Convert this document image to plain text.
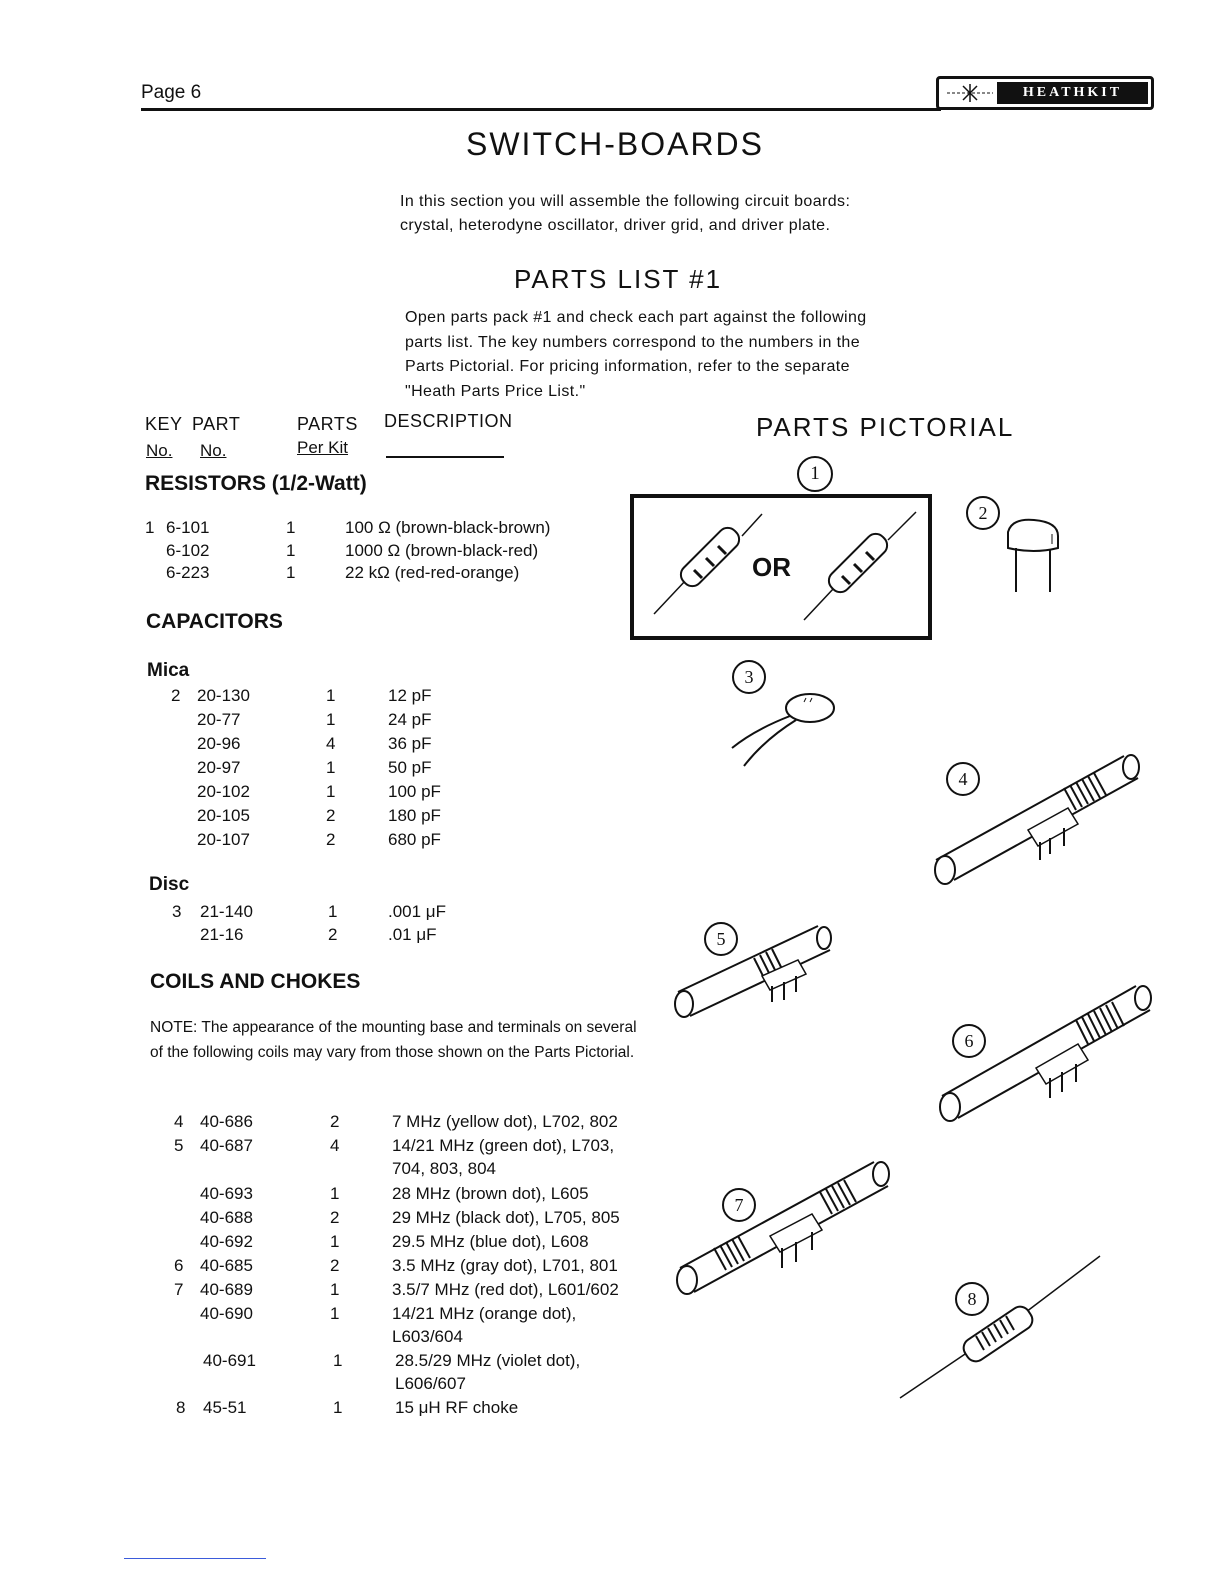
Page 6	HEATHKIT
SWITCH-BOARDS
In this section you will assemble the following circuit boards: crystal, heterodyne oscillator, driver grid, and driver plate.
PARTS LIST #1
Open parts pack #1 and check each part against the following parts list. The key numbers correspond to the numbers in the Parts Pictorial. For pricing information, refer to the separate "Heath Parts Price List."
KEY PART	PARTS DESCRIPTION
No. No.	Per Kit
PARTS PICTORIAL
RESISTORS (1/2-Watt)
1 6-101	1	100 Ω (brown-black-brown)
6-102	1	1000 Ω (brown-black-red)
6-223	1	22 kΩ (red-red-orange)
CAPACITORS
Mica
2 20-130	1	12 pF
20-77	1	24 pF
20-96	4	36 pF
20-97	1	50 pF
20-102	1	100 pF
20-105	2	180 pF
20-107	2	680 pF
Disc
3 21-140	1	.001 μF
21-16	2	.01 μF
COILS AND CHOKES
NOTE: The appearance of the mounting base and terminals on several of the following coils may vary from those shown on the Parts Pictorial.
4 40-686	2	7 MHz (yellow dot), L702, 802
5 40-687	4	14/21 MHz (green dot), L703,
704, 803, 804
40-693	1	28 MHz (brown dot), L605
40-688	2	29 MHz (black dot), L705, 805
40-692	1	29.5 MHz (blue dot), L608
6 40-685	2	3.5 MHz (gray dot), L701, 801
7 40-689	1	3.5/7 MHz (red dot), L601/602
40-690	1	14/21 MHz (orange dot),
L603/604
40-691	1	28.5/29 MHz (violet dot),
L606/607
8 45-51	1	15 μH RF choke
OR
1
2
3
4
5
6
7
8
